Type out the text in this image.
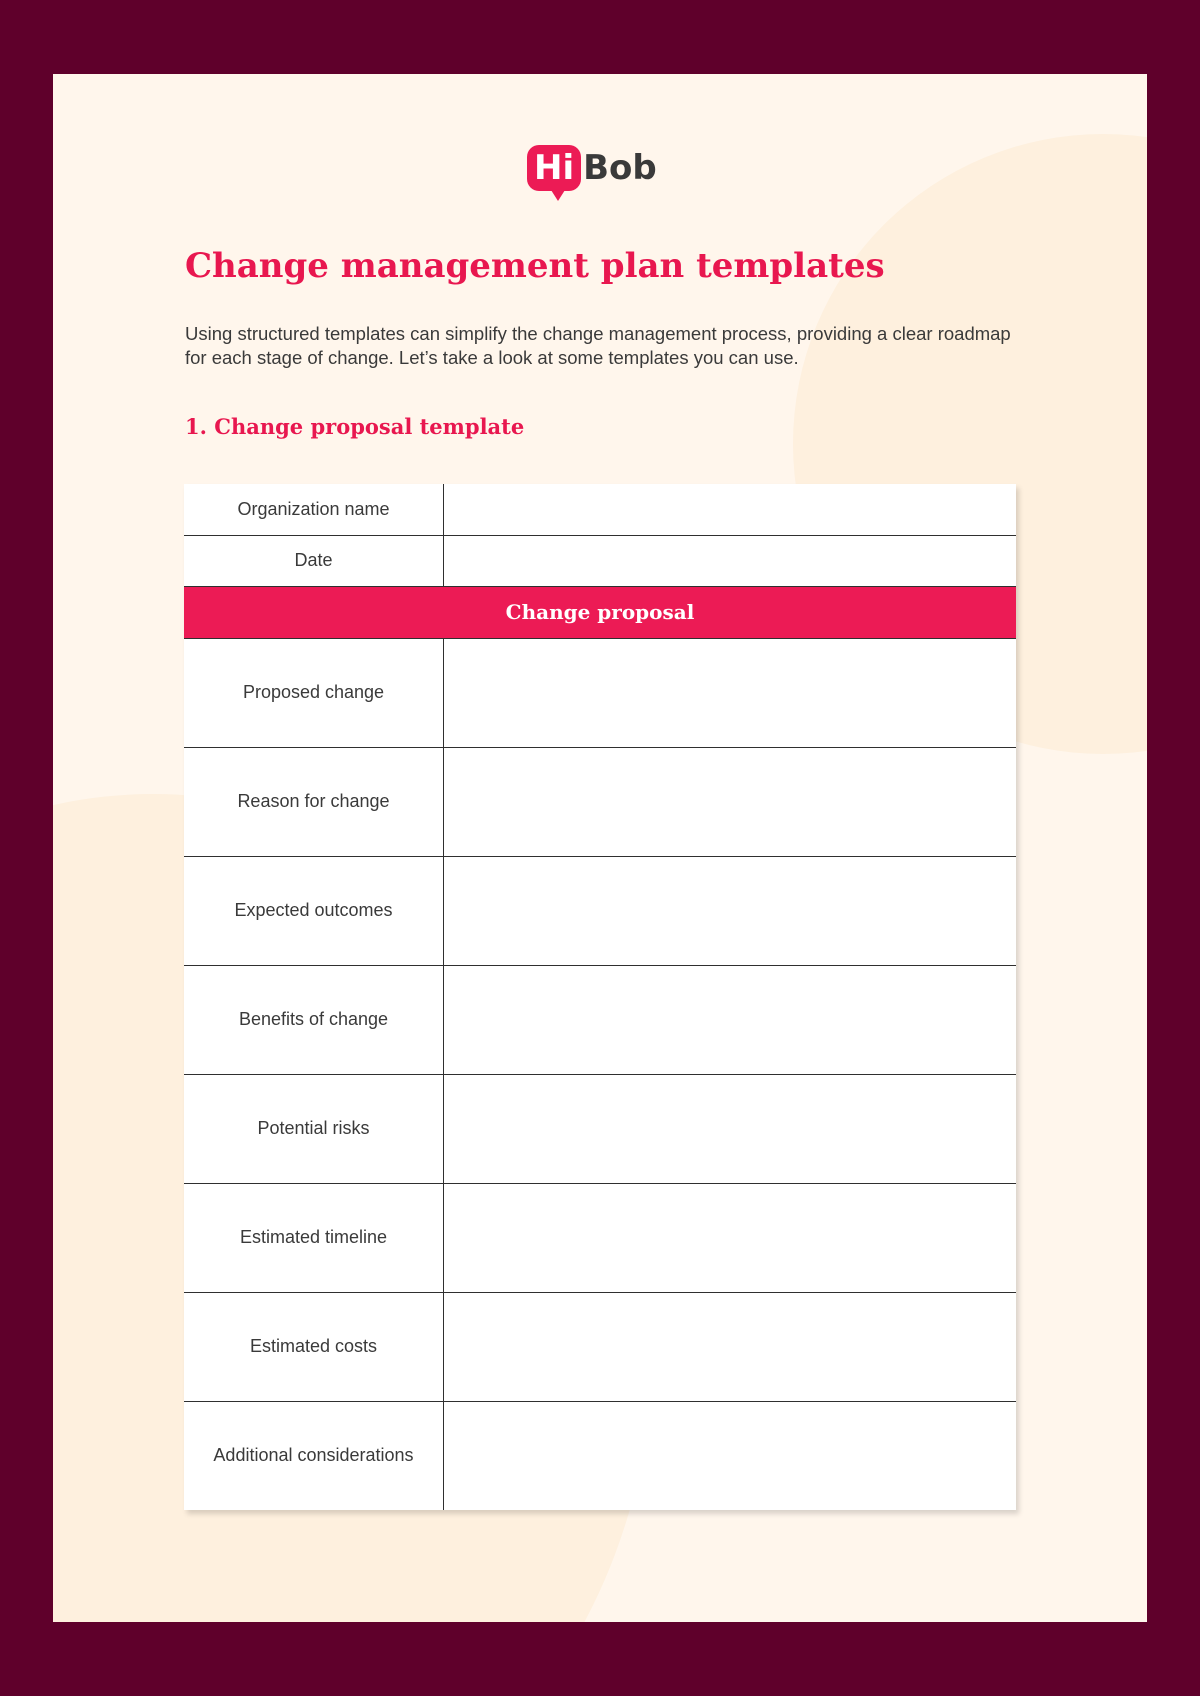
Hi Bob
Change management plan templates

Using structured templates can simplify the change management process, providing a clear roadmap for each stage of change. Let’s take a look at some templates you can use.

1. Change proposal template
Organization name	
Date	
Change proposal	
Proposed change	
Reason for change	
Expected outcomes	
Benefits of change	
Potential risks	
Estimated timeline	
Estimated costs	
Additional considerations	
